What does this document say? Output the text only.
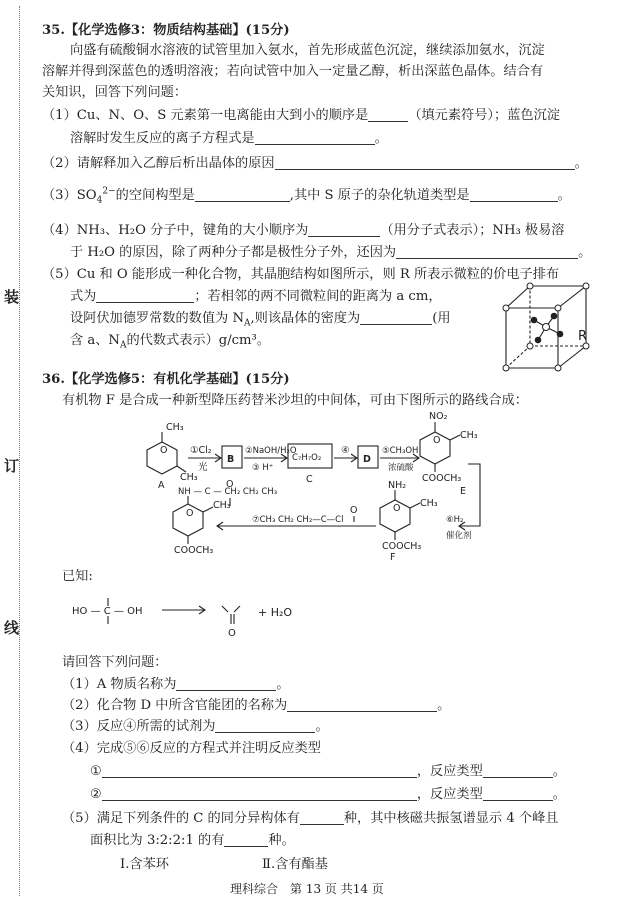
装
订
线
35.【化学选修3：物质结构基础】(15分)
向盛有硫酸铜水溶液的试管里加入氨水，首先形成蓝色沉淀，继续添加氨水，沉淀
溶解并得到深蓝色的透明溶液；若向试管中加入一定量乙醇，析出深蓝色晶体。结合有
关知识，回答下列问题：
（1）Cu、N、O、S 元素第一电离能由大到小的顺序是	（填元素符号）；蓝色沉淀
溶解时发生反应的离子方程式是	。
（2）请解释加入乙醇后析出晶体的原因	。
$(3)SO_4^{2-}$的空间构型是	,其中 S 原子的杂化轨道类型是	。
（4）NH₃、H₂O 分子中，键角的大小顺序为	（用分子式表示）；NH₃ 极易溶
于 H₂O 的原因，除了两种分子都是极性分子外，还因为	。
（5）Cu 和 O 能形成一种化合物，其晶胞结构如图所示，则 R 所表示微粒的价电子排布
式为	；若相邻的两不同微粒间的距离为 a cm，
设阿伏加德罗常数的数值为 $N_A$,则该晶体的密度为	(用
含 a、$N_A$的代数式表示）g/cm³。	R
36.【化学选修5：有机化学基础】(15分)
有机物 F 是合成一种新型降压药替米沙坦的中间体，可由下图所示的路线合成：
O
CH₃
CH₃
A
①Cl₂
光
B
②NaOH/H₂O
③ H⁺
C₇H₇O₂
C
④
D
⑤CH₃OH
浓硫酸
O
NO₂
CH₃
COOCH₃
E
⑥H₂
催化剂
O
NH₂
CH₃
COOCH₃
F
⑦CH₃ CH₂ CH₂—C—Cl
O
O
NH — C — CH₂ CH₂ CH₃
O
CH₃
COOCH₃
已知:
HO — C — OH
O
+ H₂O
请回答下列问题：
（1）A 物质名称为	。
（2）化合物 D 中所含官能团的名称为	。
（3）反应④所需的试剂为	。
（4）完成⑤⑥反应的方程式并注明反应类型
①	，反应类型	。
②	，反应类型	。
（5）满足下列条件的 C 的同分异构体有	种，其中核磁共振氢谱显示 4 个峰且
面积比为 3:2:2:1 的有	种。
Ⅰ.含苯环	Ⅱ.含有酯基
理科综合　第 13 页 共14 页
